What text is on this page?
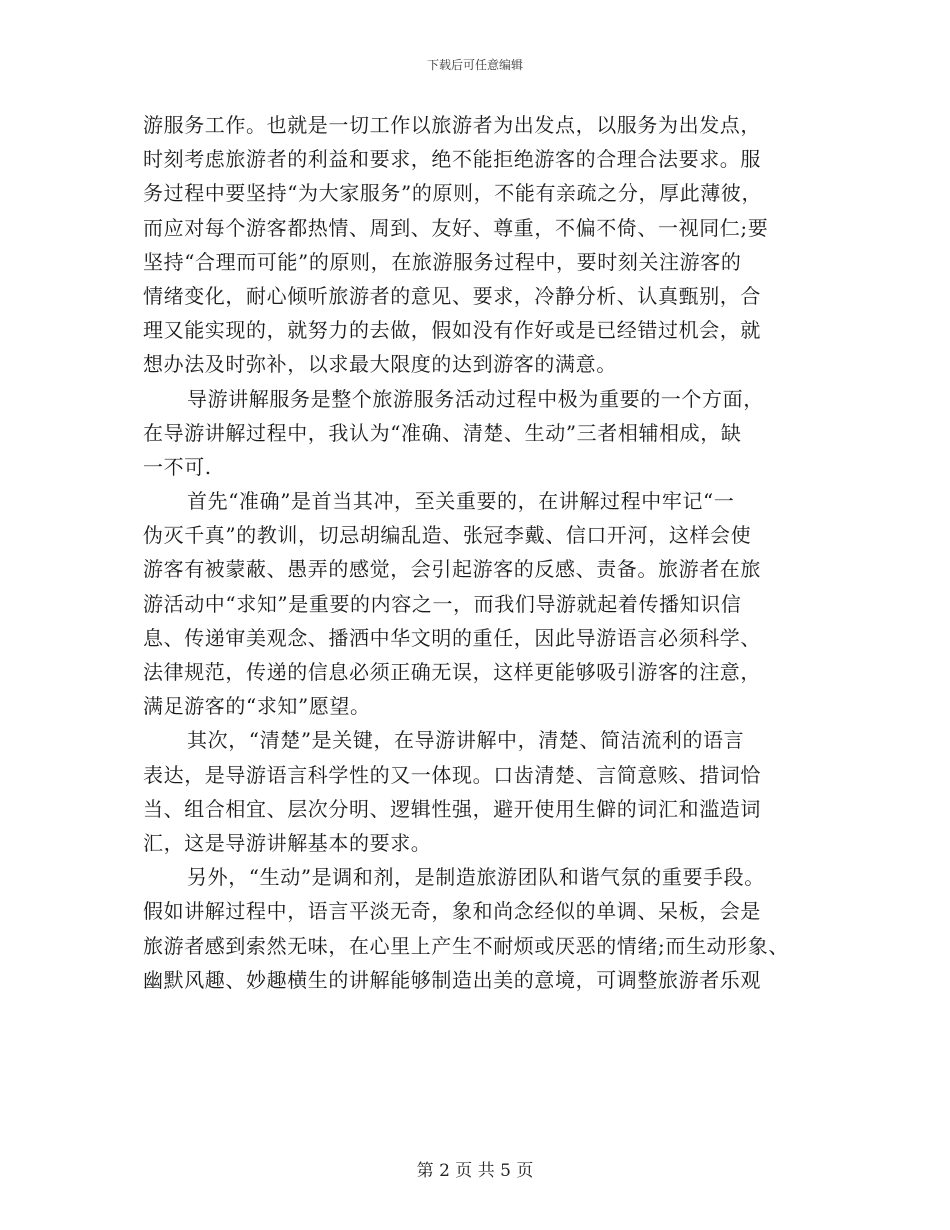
下载后可任意编辑
游服务工作。也就是一切工作以旅游者为出发点，以服务为出发点，
时刻考虑旅游者的利益和要求，绝不能拒绝游客的合理合法要求。服
务过程中要坚持“为大家服务”的原则，不能有亲疏之分，厚此薄彼，
而应对每个游客都热情、周到、友好、尊重，不偏不倚、一视同仁;要
坚持“合理而可能”的原则，在旅游服务过程中，要时刻关注游客的
情绪变化，耐心倾听旅游者的意见、要求，冷静分析、认真甄别，合
理又能实现的，就努力的去做，假如没有作好或是已经错过机会，就
想办法及时弥补，以求最大限度的达到游客的满意。
导游讲解服务是整个旅游服务活动过程中极为重要的一个方面，
在导游讲解过程中，我认为“准确、清楚、生动”三者相辅相成，缺
一不可.
首先“准确”是首当其冲，至关重要的，在讲解过程中牢记“一
伪灭千真”的教训，切忌胡编乱造、张冠李戴、信口开河，这样会使
游客有被蒙蔽、愚弄的感觉，会引起游客的反感、责备。旅游者在旅
游活动中“求知”是重要的内容之一，而我们导游就起着传播知识信
息、传递审美观念、播洒中华文明的重任，因此导游语言必须科学、
法律规范，传递的信息必须正确无误，这样更能够吸引游客的注意，
满足游客的“求知”愿望。
其次，“清楚”是关键，在导游讲解中，清楚、简洁流利的语言
表达，是导游语言科学性的又一体现。口齿清楚、言简意赅、措词恰
当、组合相宜、层次分明、逻辑性强，避开使用生僻的词汇和滥造词
汇，这是导游讲解基本的要求。
另外，“生动”是调和剂，是制造旅游团队和谐气氛的重要手段。
假如讲解过程中，语言平淡无奇，象和尚念经似的单调、呆板，会是
旅游者感到索然无味，在心里上产生不耐烦或厌恶的情绪;而生动形象、
幽默风趣、妙趣横生的讲解能够制造出美的意境，可调整旅游者乐观
第 2 页 共 5 页
